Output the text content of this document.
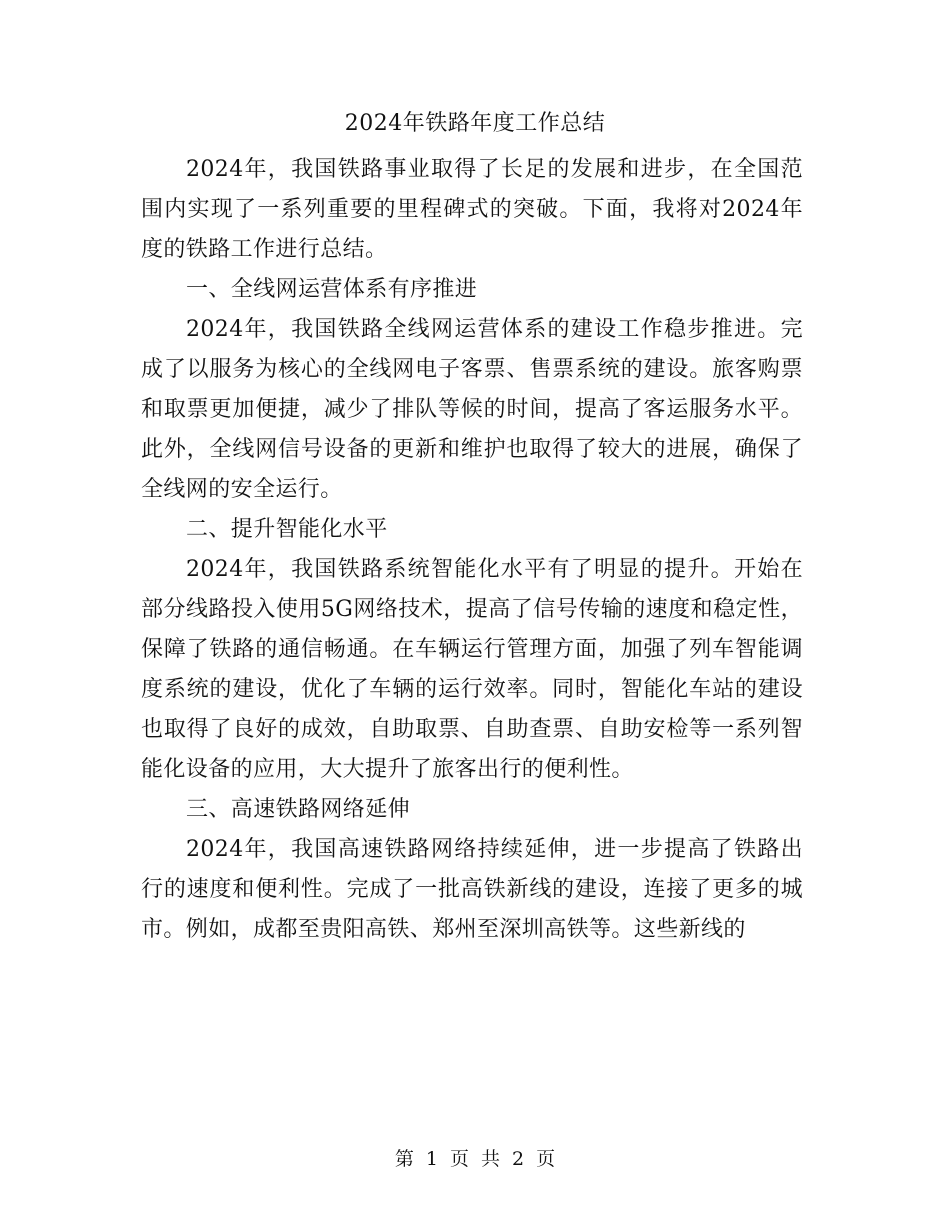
2024年铁路年度工作总结

2024年，我国铁路事业取得了长足的发展和进步，在全国范围内实现了一系列重要的里程碑式的突破。下面，我将对2024年度的铁路工作进行总结。

一、全线网运营体系有序推进

2024年，我国铁路全线网运营体系的建设工作稳步推进。完成了以服务为核心的全线网电子客票、售票系统的建设。旅客购票和取票更加便捷，减少了排队等候的时间，提高了客运服务水平。此外，全线网信号设备的更新和维护也取得了较大的进展，确保了全线网的安全运行。

二、提升智能化水平

2024年，我国铁路系统智能化水平有了明显的提升。开始在部分线路投入使用5G网络技术，提高了信号传输的速度和稳定性，保障了铁路的通信畅通。在车辆运行管理方面，加强了列车智能调度系统的建设，优化了车辆的运行效率。同时，智能化车站的建设也取得了良好的成效，自助取票、自助查票、自助安检等一系列智能化设备的应用，大大提升了旅客出行的便利性。

三、高速铁路网络延伸

2024年，我国高速铁路网络持续延伸，进一步提高了铁路出行的速度和便利性。完成了一批高铁新线的建设，连接了更多的城市。例如，成都至贵阳高铁、郑州至深圳高铁等。这些新线的

第 1 页 共 2 页
